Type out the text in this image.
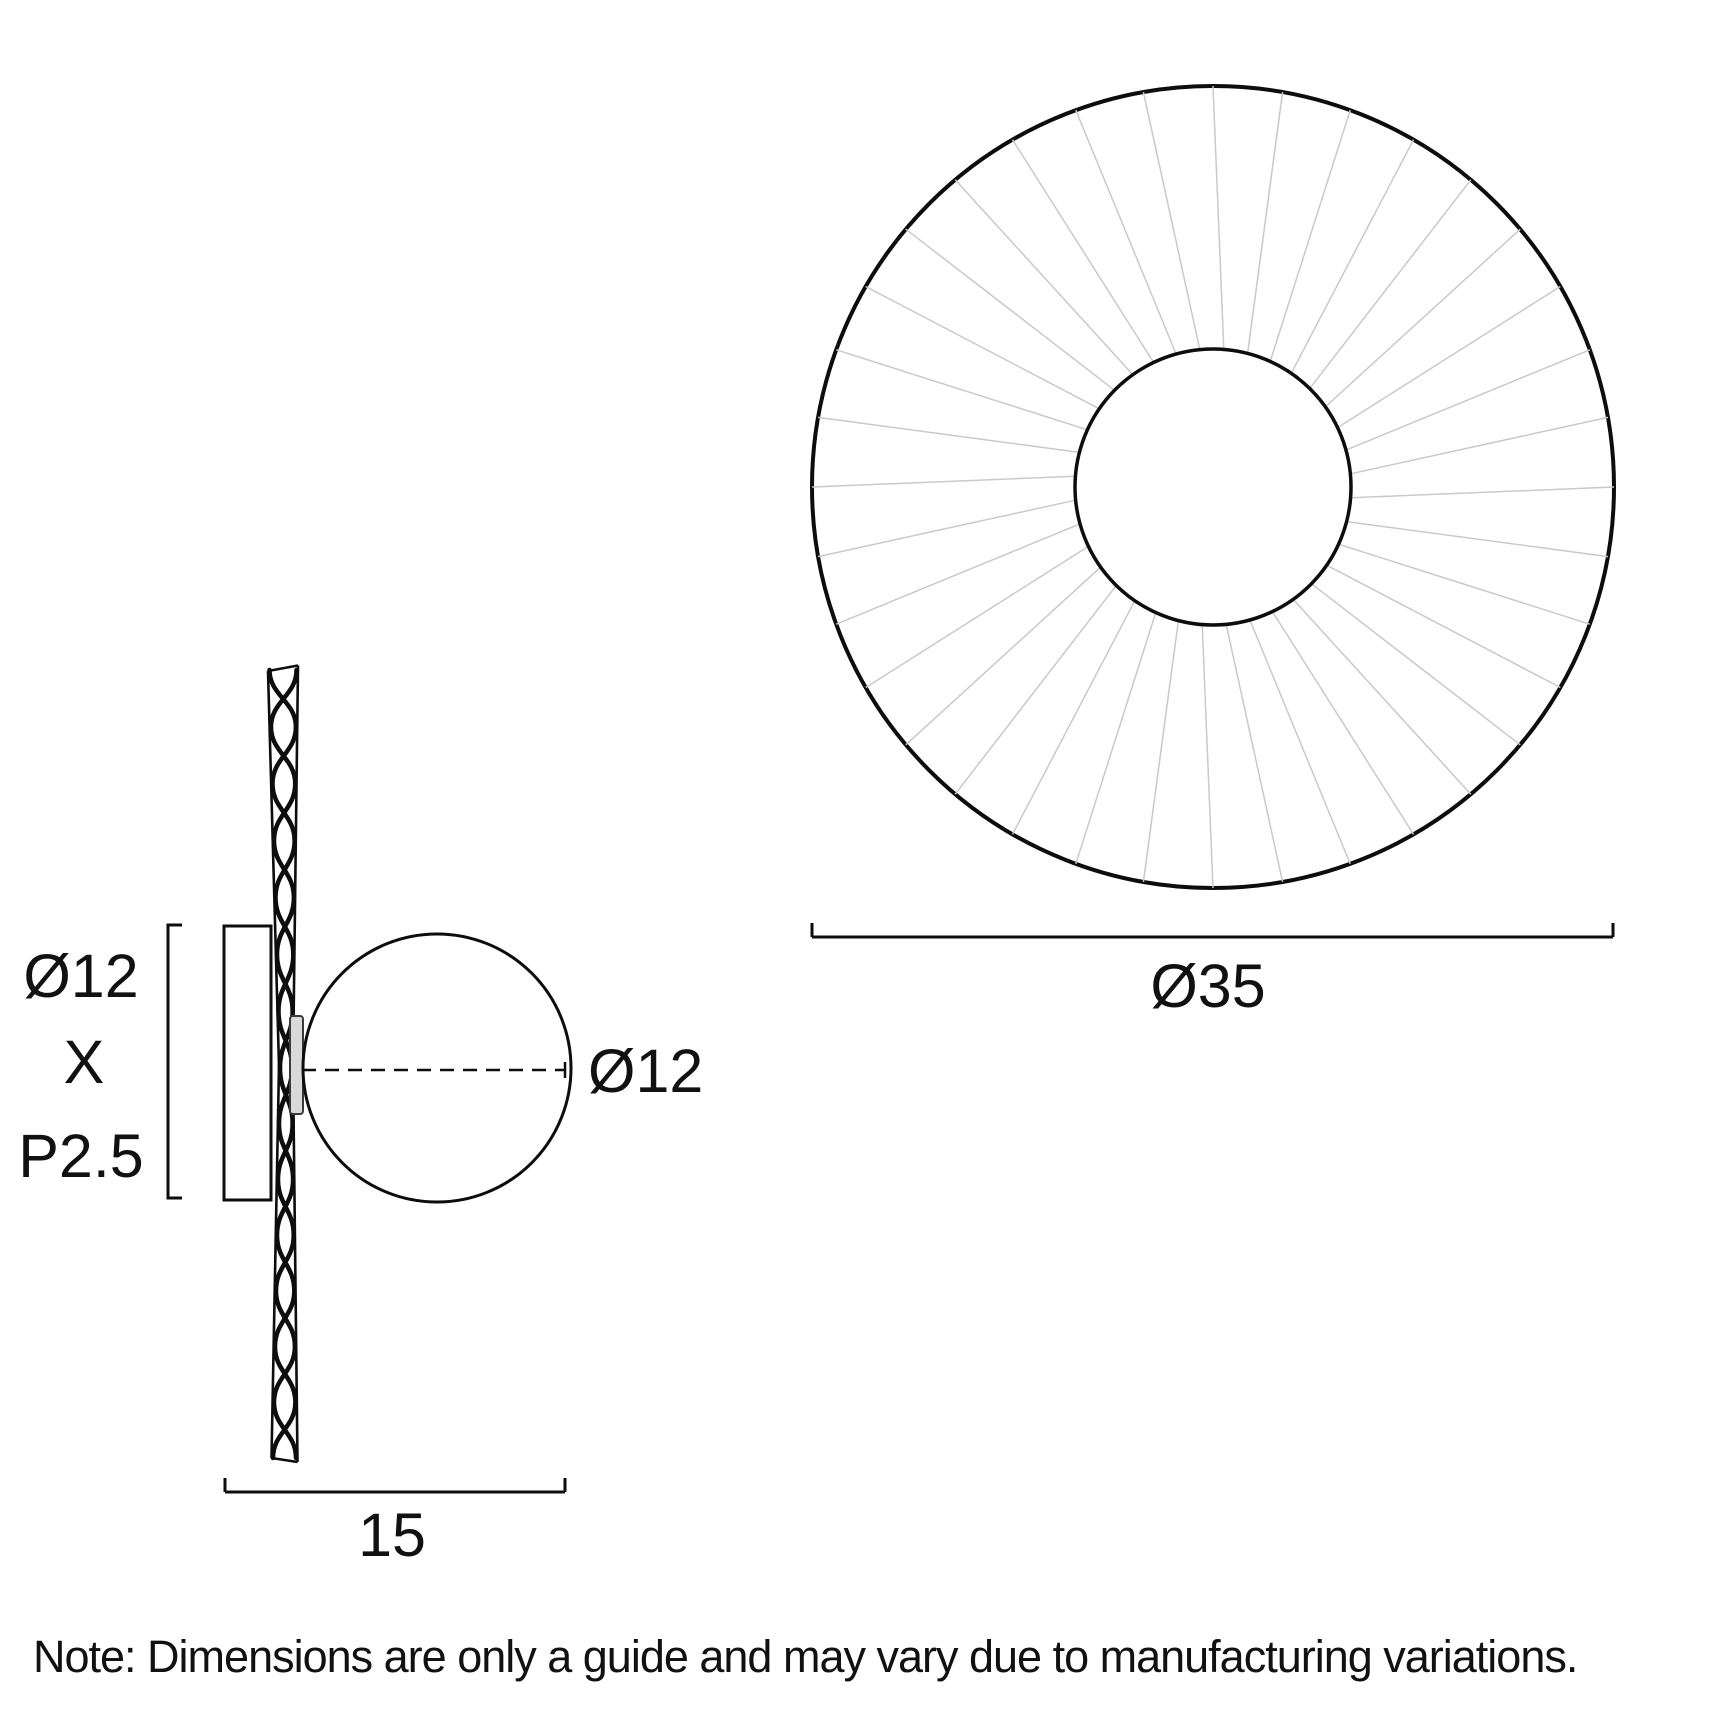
Ø35
Ø12
X
P2.5
Ø12
15
Note: Dimensions are only a guide and may vary due to manufacturing variations.
